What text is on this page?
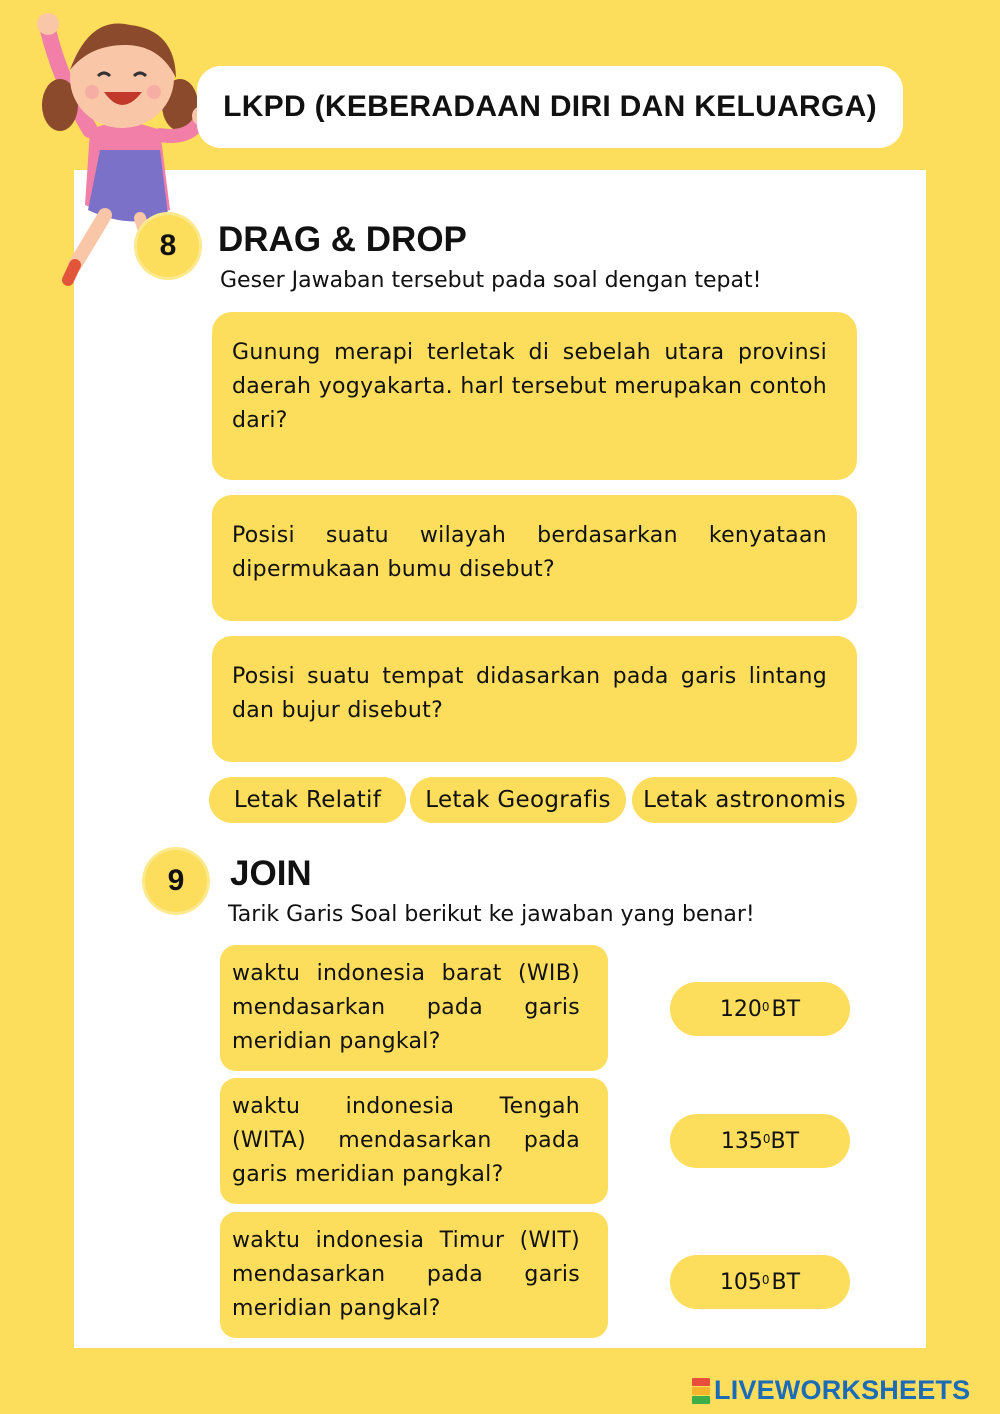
LKPD (KEBERADAAN DIRI DAN KELUARGA)
8	DRAG & DROP
Geser Jawaban tersebut pada soal dengan tepat!

Gunung merapi terletak di sebelah utara provinsi daerah yogyakarta. harl tersebut merupakan contoh dari?

Posisi suatu wilayah berdasarkan kenyataan dipermukaan bumu disebut?

Posisi suatu tempat didasarkan pada garis lintang dan bujur disebut?

Letak Relatif	Letak Geografis	Letak astronomis
9	JOIN
Tarik Garis Soal berikut ke jawaban yang benar!

waktu indonesia barat (WIB) mendasarkan pada garis meridian pangkal?

waktu indonesia Tengah (WITA) mendasarkan pada garis meridian pangkal?

waktu indonesia Timur (WIT) mendasarkan pada garis meridian pangkal?

$120^0$ BT
$135^0$ BT
$105^0$ BT
LIVEWORKSHEETS
